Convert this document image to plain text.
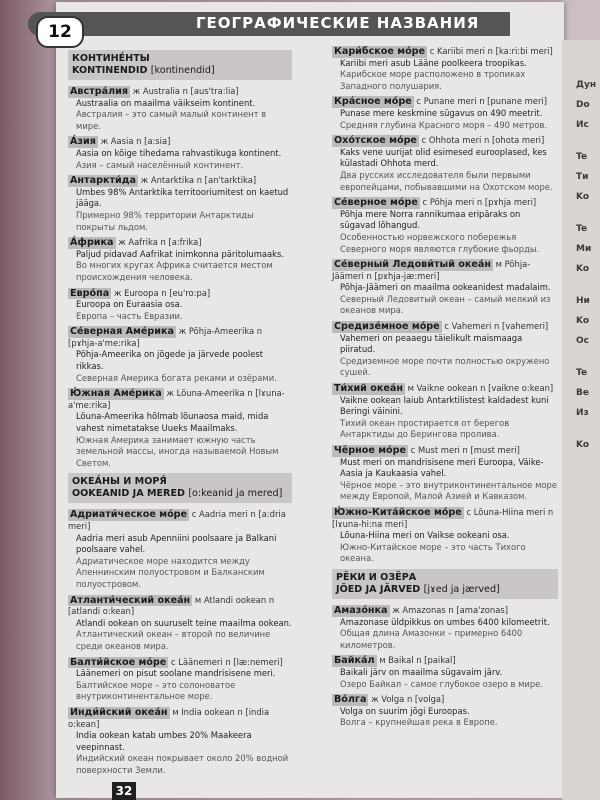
Дун
Do
Ис
Te
Ти
Ko
Te
Ми
Ko
Ни
Ko
Ос
Te
Be
Из
Ko
12	ГЕОГРАФИЧЕСКИЕ НАЗВАНИЯ
КОНТИНЕ́НТЫ
KONTINENDID [kontinendid]
Австра́лия ж Australia n [aus'tra:lia]
Austraalia on maailma väikseim kontinent.
Австралия – это самый малый континент в мире.
А́зия ж Aasia n [a:sia]
Aasia on kõige tihedama rahvastikuga kontinent.
Азия – самый населённый континент.
Антаркти́да ж Antarktika n [an'tarktika]
Umbes 98% Antarktika territooriumitest on kaetud jääga.
Примерно 98% территории Антарктиды покрыты льдом.
А́фрика ж Aafrika n [a:frika]
Paljud pidavad Aafrikat inimkonna päritolumaaks.
Во многих кругах Африка считается местом происхождения человека.
Евро́па ж Euroopa n [eu'ro:pa]
Euroopa on Euraasia osa.
Европа – часть Евразии.
Се́верная Аме́рика ж Põhja-Ameerika n [pɤhja-a'me:rika]
Põhja-Ameerika on jõgede ja järvede poolest rikkas.
Северная Америка богата реками и озёрами.
Ю́жная Аме́рика ж Lõuna-Ameerika n [lɤuna-a'me:rika]
Lõuna-Ameerika hõlmab lõunaosa maid, mida vahest nimetatakse Uueks Maailmaks.
Южная Америка занимает южную часть земельной массы, иногда называемой Новым Светом.
ОКЕА́НЫ И МОРЯ́
OOKEANID JA MERED [o:keanid ja mered]
Адриати́ческое мо́ре с Aadria meri n [a:dria meri]
Aadria meri asub Apenniini poolsaare ja Balkani poolsaare vahel.
Адриатическое море находится между Апеннинским полуостровом и Балканским полуостровом.
Атланти́ческий океа́н м Atlandi ookean n [atlandi o:kean]
Atlandi ookean on suuruselt teine maailma ookean.
Атлантический океан – второй по величине среди океанов мира.
Балти́йское мо́ре с Läänemeri n [læ:nemeri]
Läänemeri on pisut soolane mandrisisene meri.
Балтийское море – это солоноватое внутриконтинентальное море.
Инди́йский океа́н м India ookean n [india o:kean]
India ookean katab umbes 20% Maakeera veepinnast.
Индийский океан покрывает около 20% водной поверхности Земли.
Кари́бское мо́ре с Kariibi meri n [ka:ri:bi meri]
Kariibi meri asub Lääne poolkeera troopikas.
Карибское море расположено в тропиках Западного полушария.
Кра́сное мо́ре с Punane meri n [punane meri]
Punase mere keskmine sügavus on 490 meetrit.
Средняя глубина Красного моря – 490 метров.
Охо́тское мо́ре с Ohhota meri n [ohota meri]
Kaks vene uurijat olid esimesed eurooplased, kes külastadi Ohhota merd.
Два русских исследователя были первыми европейцами, побывавшими на Охотском море.
Се́верное мо́ре с Põhja meri n [pɤhja meri]
Põhja mere Norra rannikumaa eripäraks on sügavad lõhangud.
Особенностью норвежского побережья Северного моря являются глубокие фьорды.
Се́верный Ледови́тый океа́н м Põhja-Jäämeri n [pɤhja-jæ:meri]
Põhja-Jäämeri on maailma ookeanidest madalaim.
Северный Ледовитый океан – самый мелкий из океанов мира.
Средизе́мное мо́ре с Vahemeri n [vahemeri]
Vahemeri on peaaegu täielikult maismaaga piiratud.
Средиземное море почти полностью окружено сушей.
Ти́хий океа́н м Vaikne ookean n [vaikne o:kean]
Vaikne ookean laiub Antarktilistest kaldadest kuni Beringi väinini.
Тихий океан простирается от берегов Антарктиды до Берингова пролива.
Чёрное мо́ре с Must meri n [must meri]
Must meri on mandrisisene meri Euroopa, Väike-Aasia ja Kaukaasia vahel.
Чёрное море – это внутриконтинентальное море между Европой, Малой Азией и Кавказом.
Ю́жно-Кита́йское мо́ре с Lõuna-Hiina meri n [lɤuna-hi:na meri]
Lõuna-Hiina meri on Vaikse ookeani osa.
Южно-Китайское море – это часть Тихого океана.
РЁКИ И ОЗЁРА
JÕED JA JÄRVED [jɤed ja jærved]
Амазо́нка ж Amazonas n [ama'zonas]
Amazonase üldpikkus on umbes 6400 kilomeetrit.
Общая длина Амазонки – примерно 6400 километров.
Байка́л м Baikal n [paikal]
Baikali järv on maailma sügavaim järv.
Озеро Байкал – самое глубокое озеро в мире.
Во́лга ж Volga n [volga]
Volga on suurim jõgi Euroopas.
Волга – крупнейшая река в Европе.
32
